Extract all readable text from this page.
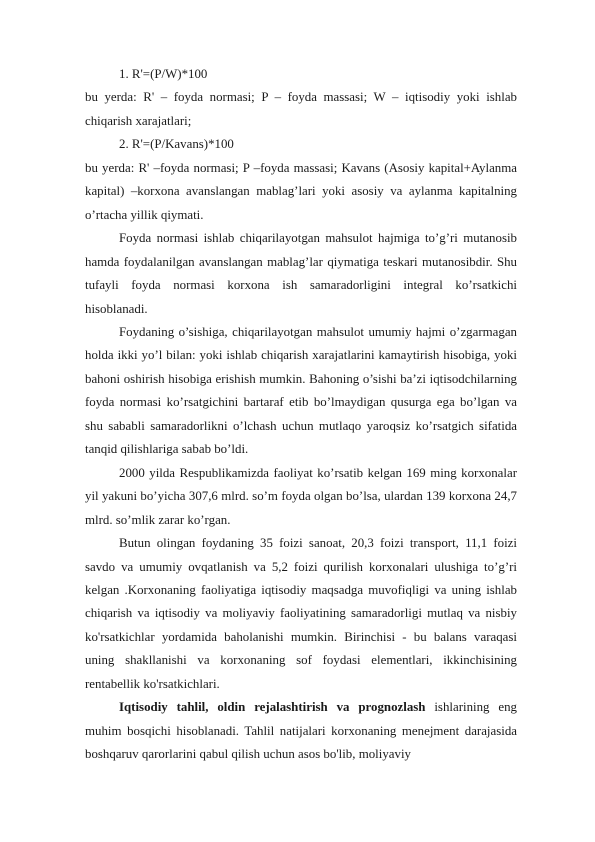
1. R'=(P/W)*100

bu yerda: R' – foyda normasi; P – foyda massasi; W – iqtisodiy yoki ishlab chiqarish xarajatlari;

2. R'=(P/Kavans)*100

bu yerda: R' –foyda normasi; P –foyda massasi; Kavans (Asosiy kapital+Aylanma kapital) –korxona avanslangan mablag’lari yoki asosiy va aylanma kapitalning o’rtacha yillik qiymati.

Foyda normasi ishlab chiqarilayotgan mahsulot hajmiga to’g’ri mutanosib hamda foydalanilgan avanslangan mablag’lar qiymatiga teskari mutanosibdir. Shu tufayli foyda normasi korxona ish samaradorligini integral ko’rsatkichi hisoblanadi.

Foydaning o’sishiga, chiqarilayotgan mahsulot umumiy hajmi o’zgarmagan holda ikki yo’l bilan: yoki ishlab chiqarish xarajatlarini kamaytirish hisobiga, yoki bahoni oshirish hisobiga erishish mumkin. Bahoning o’sishi ba’zi iqtisodchilarning foyda normasi ko’rsatgichini bartaraf etib bo’lmaydigan qusurga ega bo’lgan va shu sababli samaradorlikni o’lchash uchun mutlaqo yaroqsiz ko’rsatgich sifatida tanqid qilishlariga sabab bo’ldi.

2000 yilda Respublikamizda faoliyat ko’rsatib kelgan 169 ming korxonalar yil yakuni bo’yicha 307,6 mlrd. so’m foyda olgan bo’lsa, ulardan 139 korxona 24,7 mlrd. so’mlik zarar ko’rgan.

Butun olingan foydaning 35 foizi sanoat, 20,3 foizi transport, 11,1 foizi savdo va umumiy ovqatlanish va 5,2 foizi qurilish korxonalari ulushiga to’g’ri kelgan .Korxonaning faoliyatiga iqtisodiy maqsadga muvofiqligi va uning ishlab chiqarish va iqtisodiy va moliyaviy faoliyatining samaradorligi mutlaq va nisbiy ko'rsatkichlar yordamida baholanishi mumkin. Birinchisi - bu balans varaqasi uning shakllanishi va korxonaning sof foydasi elementlari, ikkinchisining rentabellik ko'rsatkichlari.

Iqtisodiy tahlil, oldin rejalashtirish va prognozlash ishlarining eng muhim bosqichi hisoblanadi. Tahlil natijalari korxonaning menejment darajasida boshqaruv qarorlarini qabul qilish uchun asos bo'lib, moliyaviy
